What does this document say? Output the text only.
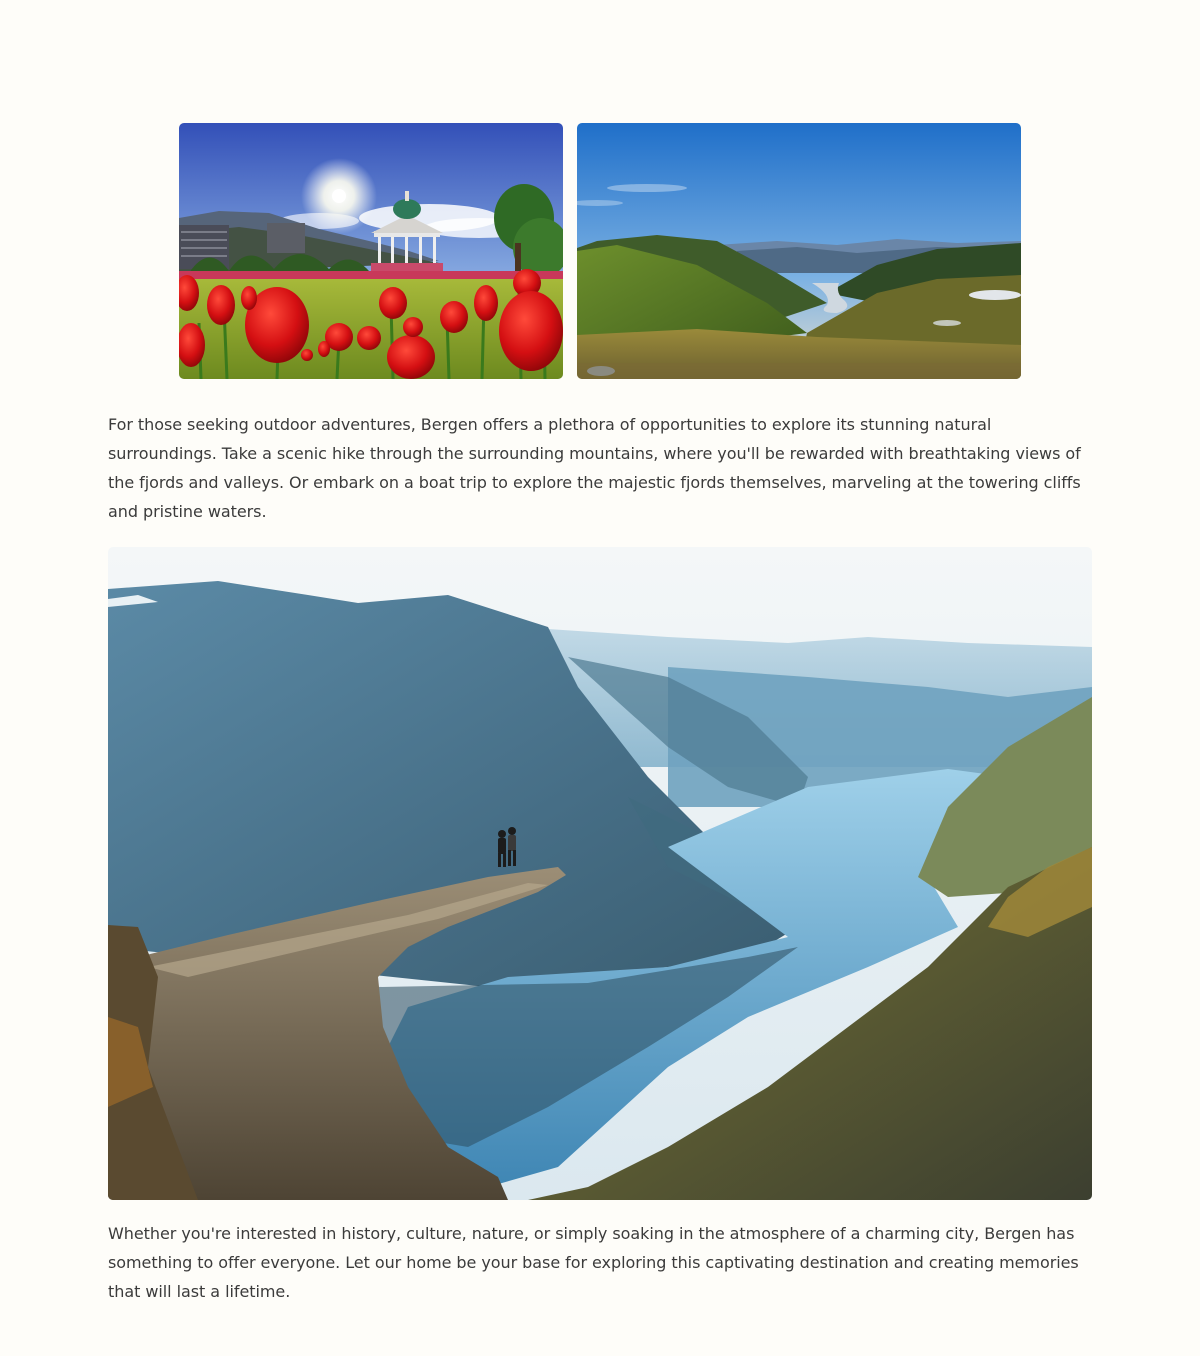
For those seeking outdoor adventures, Bergen offers a plethora of opportunities to explore its stunning natural surroundings. Take a scenic hike through the surrounding mountains, where you'll be rewarded with breathtaking views of the fjords and valleys. Or embark on a boat trip to explore the majestic fjords themselves, marveling at the towering cliffs and pristine waters.

Whether you're interested in history, culture, nature, or simply soaking in the atmosphere of a charming city, Bergen has something to offer everyone. Let our home be your base for exploring this captivating destination and creating memories that will last a lifetime.
